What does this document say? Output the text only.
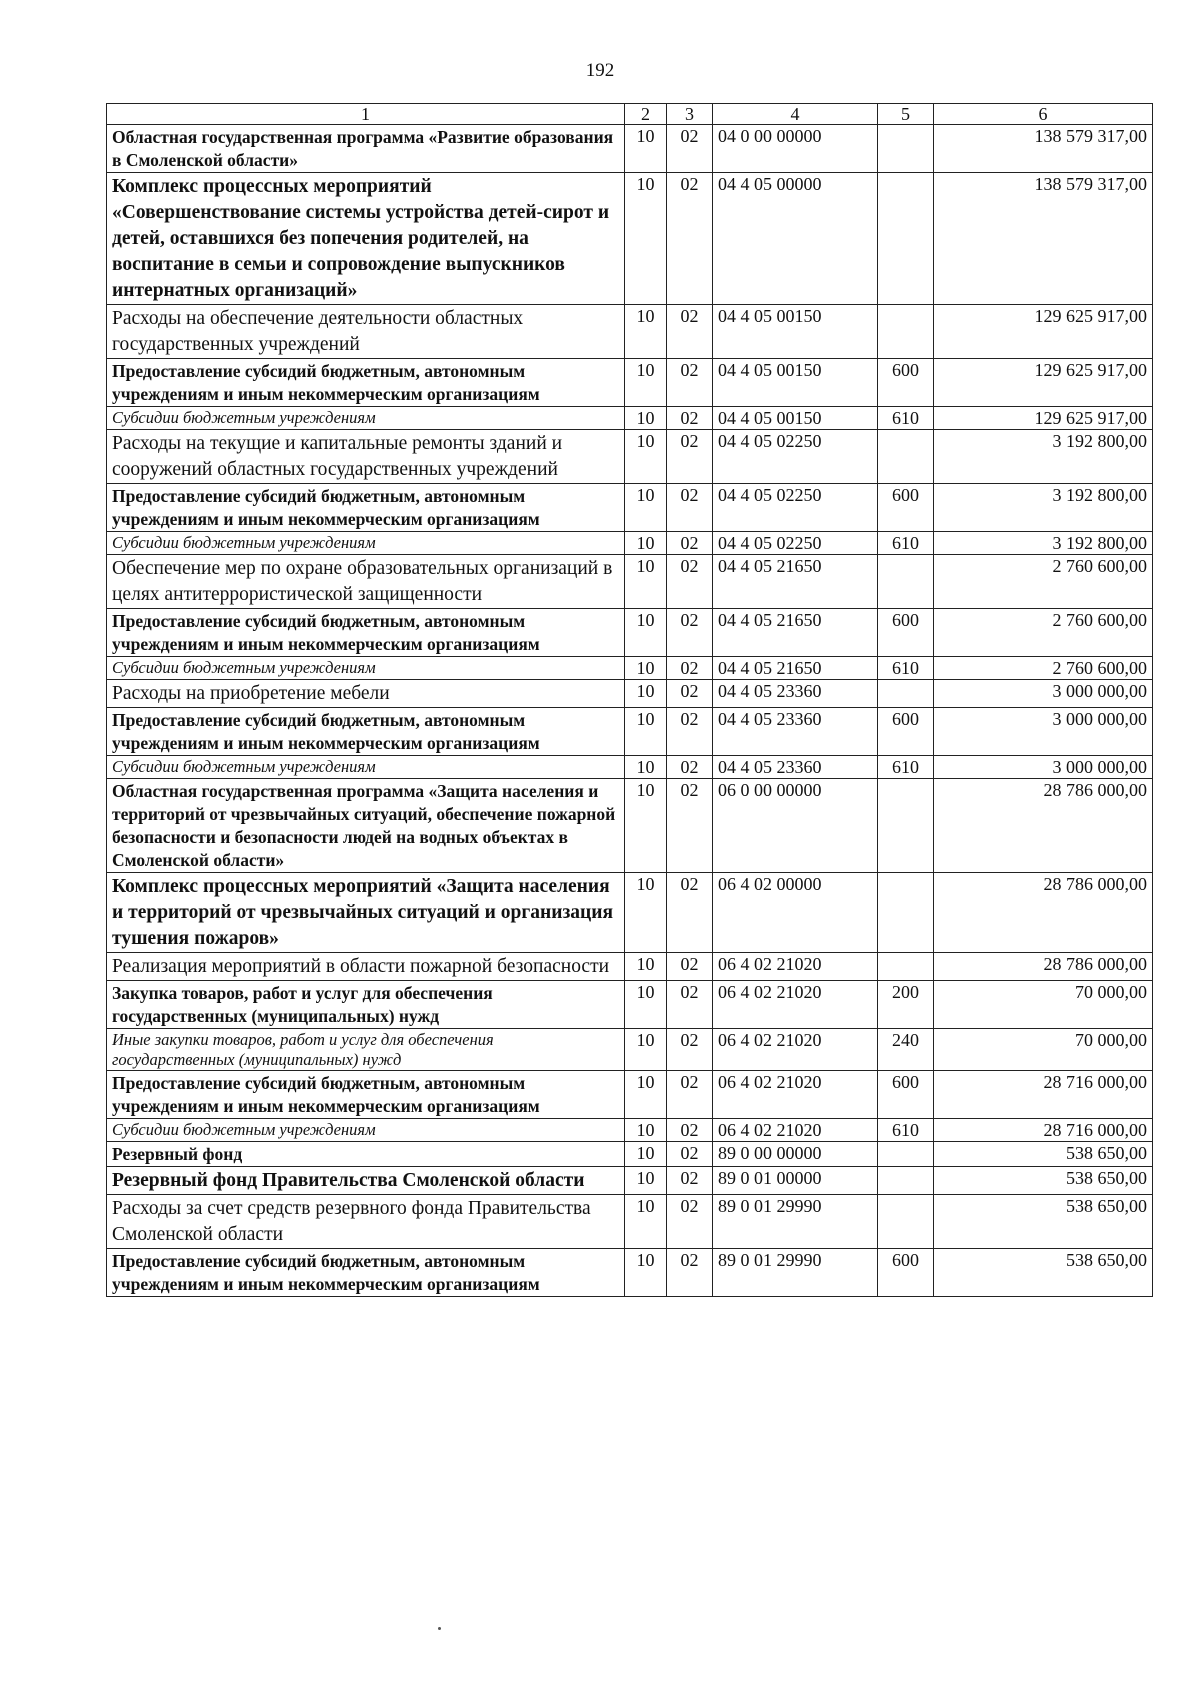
192
1	2	3	4	5	6
Областная государственная программа «Развитие образования в Смоленской области»	10	02	04 0 00 00000		138 579 317,00
Комплекс процессных мероприятий «Совершенствование системы устройства детей-сирот и детей, оставшихся без попечения родителей, на воспитание в семьи и сопровождение выпускников интернатных организаций»	10	02	04 4 05 00000		138 579 317,00
Расходы на обеспечение деятельности областных государственных учреждений	10	02	04 4 05 00150		129 625 917,00
Предоставление субсидий бюджетным, автономным учреждениям и иным некоммерческим организациям	10	02	04 4 05 00150	600	129 625 917,00
Субсидии бюджетным учреждениям	10	02	04 4 05 00150	610	129 625 917,00
Расходы на текущие и капитальные ремонты зданий и сооружений областных государственных учреждений	10	02	04 4 05 02250		3 192 800,00
Предоставление субсидий бюджетным, автономным учреждениям и иным некоммерческим организациям	10	02	04 4 05 02250	600	3 192 800,00
Субсидии бюджетным учреждениям	10	02	04 4 05 02250	610	3 192 800,00
Обеспечение мер по охране образовательных организаций в целях антитеррористической защищенности	10	02	04 4 05 21650		2 760 600,00
Предоставление субсидий бюджетным, автономным учреждениям и иным некоммерческим организациям	10	02	04 4 05 21650	600	2 760 600,00
Субсидии бюджетным учреждениям	10	02	04 4 05 21650	610	2 760 600,00
Расходы на приобретение мебели	10	02	04 4 05 23360		3 000 000,00
Предоставление субсидий бюджетным, автономным учреждениям и иным некоммерческим организациям	10	02	04 4 05 23360	600	3 000 000,00
Субсидии бюджетным учреждениям	10	02	04 4 05 23360	610	3 000 000,00
Областная государственная программа «Защита населения и территорий от чрезвычайных ситуаций, обеспечение пожарной безопасности и безопасности людей на водных объектах в Смоленской области»	10	02	06 0 00 00000		28 786 000,00
Комплекс процессных мероприятий «Защита населения и территорий от чрезвычайных ситуаций и организация тушения пожаров»	10	02	06 4 02 00000		28 786 000,00
Реализация мероприятий в области пожарной безопасности	10	02	06 4 02 21020		28 786 000,00
Закупка товаров, работ и услуг для обеспечения государственных (муниципальных) нужд	10	02	06 4 02 21020	200	70 000,00
Иные закупки товаров, работ и услуг для обеспечения государственных (муниципальных) нужд	10	02	06 4 02 21020	240	70 000,00
Предоставление субсидий бюджетным, автономным учреждениям и иным некоммерческим организациям	10	02	06 4 02 21020	600	28 716 000,00
Субсидии бюджетным учреждениям	10	02	06 4 02 21020	610	28 716 000,00
Резервный фонд	10	02	89 0 00 00000		538 650,00
Резервный фонд Правительства Смоленской области	10	02	89 0 01 00000		538 650,00
Расходы за счет средств резервного фонда Правительства Смоленской области	10	02	89 0 01 29990		538 650,00
Предоставление субсидий бюджетным, автономным учреждениям и иным некоммерческим организациям	10	02	89 0 01 29990	600	538 650,00
